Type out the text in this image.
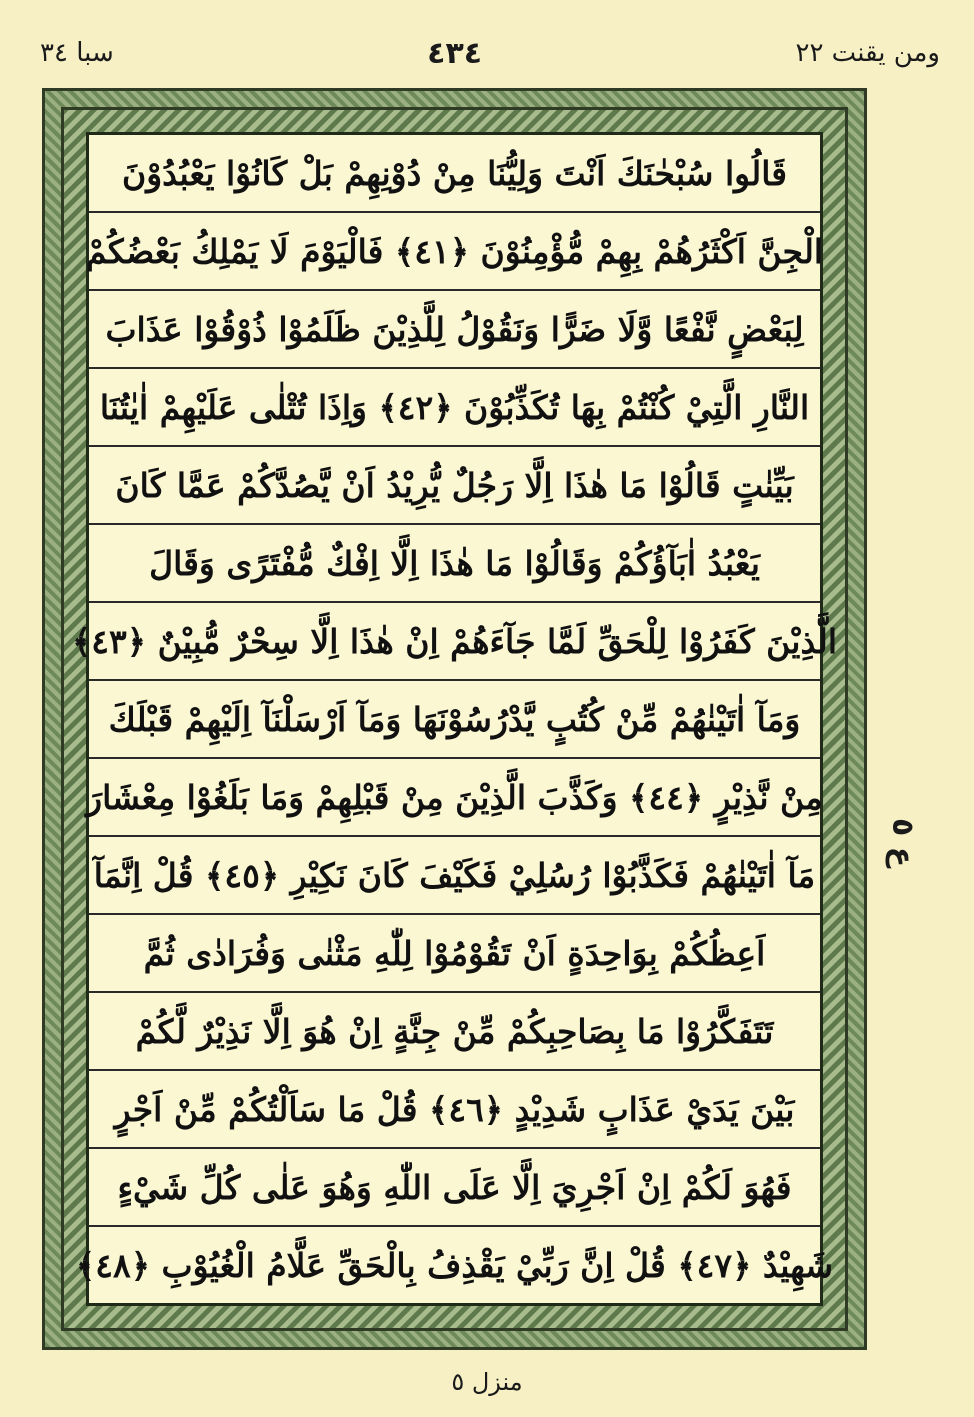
سبا ٣٤	٤٣٤	ومن يقنت ٢٢
قَالُوا سُبْحٰنَكَ اَنْتَ وَلِيُّنَا مِنْ دُوْنِهِمْ بَلْ كَانُوْا يَعْبُدُوْنَ
الْجِنَّ اَكْثَرُهُمْ بِهِمْ مُّؤْمِنُوْنَ ﴿٤١﴾ فَالْيَوْمَ لَا يَمْلِكُ بَعْضُكُمْ
لِبَعْضٍ نَّفْعًا وَّلَا ضَرًّا وَنَقُوْلُ لِلَّذِيْنَ ظَلَمُوْا ذُوْقُوْا عَذَابَ
النَّارِ الَّتِيْ كُنْتُمْ بِهَا تُكَذِّبُوْنَ ﴿٤٢﴾ وَاِذَا تُتْلٰى عَلَيْهِمْ اٰيٰتُنَا
بَيِّنٰتٍ قَالُوْا مَا هٰذَا اِلَّا رَجُلٌ يُّرِيْدُ اَنْ يَّصُدَّكُمْ عَمَّا كَانَ
يَعْبُدُ اٰبَآؤُكُمْ وَقَالُوْا مَا هٰذَا اِلَّا اِفْكٌ مُّفْتَرًى وَقَالَ
الَّذِيْنَ كَفَرُوْا لِلْحَقِّ لَمَّا جَآءَهُمْ اِنْ هٰذَا اِلَّا سِحْرٌ مُّبِيْنٌ ﴿٤٣﴾
وَمَآ اٰتَيْنٰهُمْ مِّنْ كُتُبٍ يَّدْرُسُوْنَهَا وَمَآ اَرْسَلْنَآ اِلَيْهِمْ قَبْلَكَ
مِنْ نَّذِيْرٍ ﴿٤٤﴾ وَكَذَّبَ الَّذِيْنَ مِنْ قَبْلِهِمْ وَمَا بَلَغُوْا مِعْشَارَ
مَآ اٰتَيْنٰهُمْ فَكَذَّبُوْا رُسُلِيْ فَكَيْفَ كَانَ نَكِيْرِ ﴿٤٥﴾ قُلْ اِنَّمَآ
اَعِظُكُمْ بِوَاحِدَةٍ اَنْ تَقُوْمُوْا لِلّٰهِ مَثْنٰى وَفُرَادٰى ثُمَّ
تَتَفَكَّرُوْا مَا بِصَاحِبِكُمْ مِّنْ جِنَّةٍ اِنْ هُوَ اِلَّا نَذِيْرٌ لَّكُمْ
بَيْنَ يَدَيْ عَذَابٍ شَدِيْدٍ ﴿٤٦﴾ قُلْ مَا سَاَلْتُكُمْ مِّنْ اَجْرٍ
فَهُوَ لَكُمْ اِنْ اَجْرِيَ اِلَّا عَلَى اللّٰهِ وَهُوَ عَلٰى كُلِّ شَيْءٍ
شَهِيْدٌ ﴿٤٧﴾ قُلْ اِنَّ رَبِّيْ يَقْذِفُ بِالْحَقِّ عَلَّامُ الْغُيُوْبِ ﴿٤٨﴾
ع ٥
منزل ٥
